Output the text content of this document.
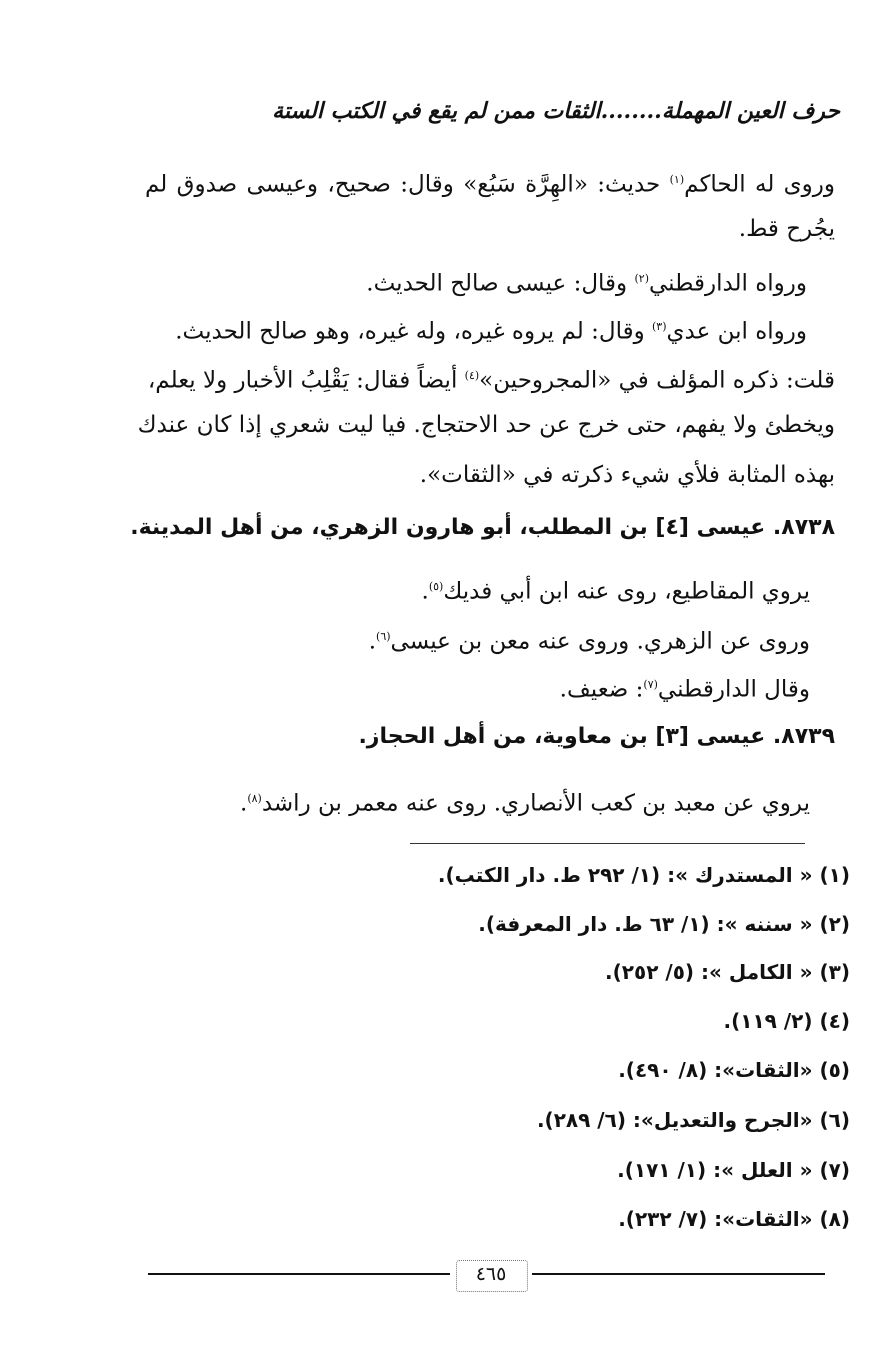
حرف العين المهملة........الثقات ممن لم يقع في الكتب الستة
وروى له الحاكم$^{(١)}$ حديث: «الهِرَّة سَبُع» وقال: صحيح، وعيسى صدوق لم
يجُرح قط.
ورواه الدارقطني$^{(٢)}$ وقال: عيسى صالح الحديث.
ورواه ابن عدي$^{(٣)}$ وقال: لم يروه غيره، وله غيره، وهو صالح الحديث.
قلت: ذكره المؤلف في «المجروحين»$^{(٤)}$ أيضاً فقال: يَقْلِبُ الأخبار ولا يعلم،
ويخطئ ولا يفهم، حتى خرج عن حد الاحتجاج. فيا ليت شعري إذا كان عندك
بهذه المثابة فلأي شيء ذكرته في «الثقات».
٨٧٣٨. عيسى [٤] بن المطلب، أبو هارون الزهري، من أهل المدينة.
يروي المقاطيع، روى عنه ابن أبي فديك$^{(٥)}$.
وروى عن الزهري. وروى عنه معن بن عيسى$^{(٦)}$.
وقال الدارقطني$^{(٧)}$: ضعيف.
٨٧٣٩. عيسى [٣] بن معاوية، من أهل الحجاز.
يروي عن معبد بن كعب الأنصاري. روى عنه معمر بن راشد$^{(٨)}$.
(١) « المستدرك »: (١/ ٢٩٢ ط. دار الكتب).
(٢) « سننه »: (١/ ٦٣ ط. دار المعرفة).
(٣) « الكامل »: (٥/ ٢٥٢).
(٤) (٢/ ١١٩).
(٥) «الثقات»: (٨/ ٤٩٠).
(٦) «الجرح والتعديل»: (٦/ ٢٨٩).
(٧) « العلل »: (١/ ١٧١).
(٨) «الثقات»: (٧/ ٢٣٢).
٤٦٥
